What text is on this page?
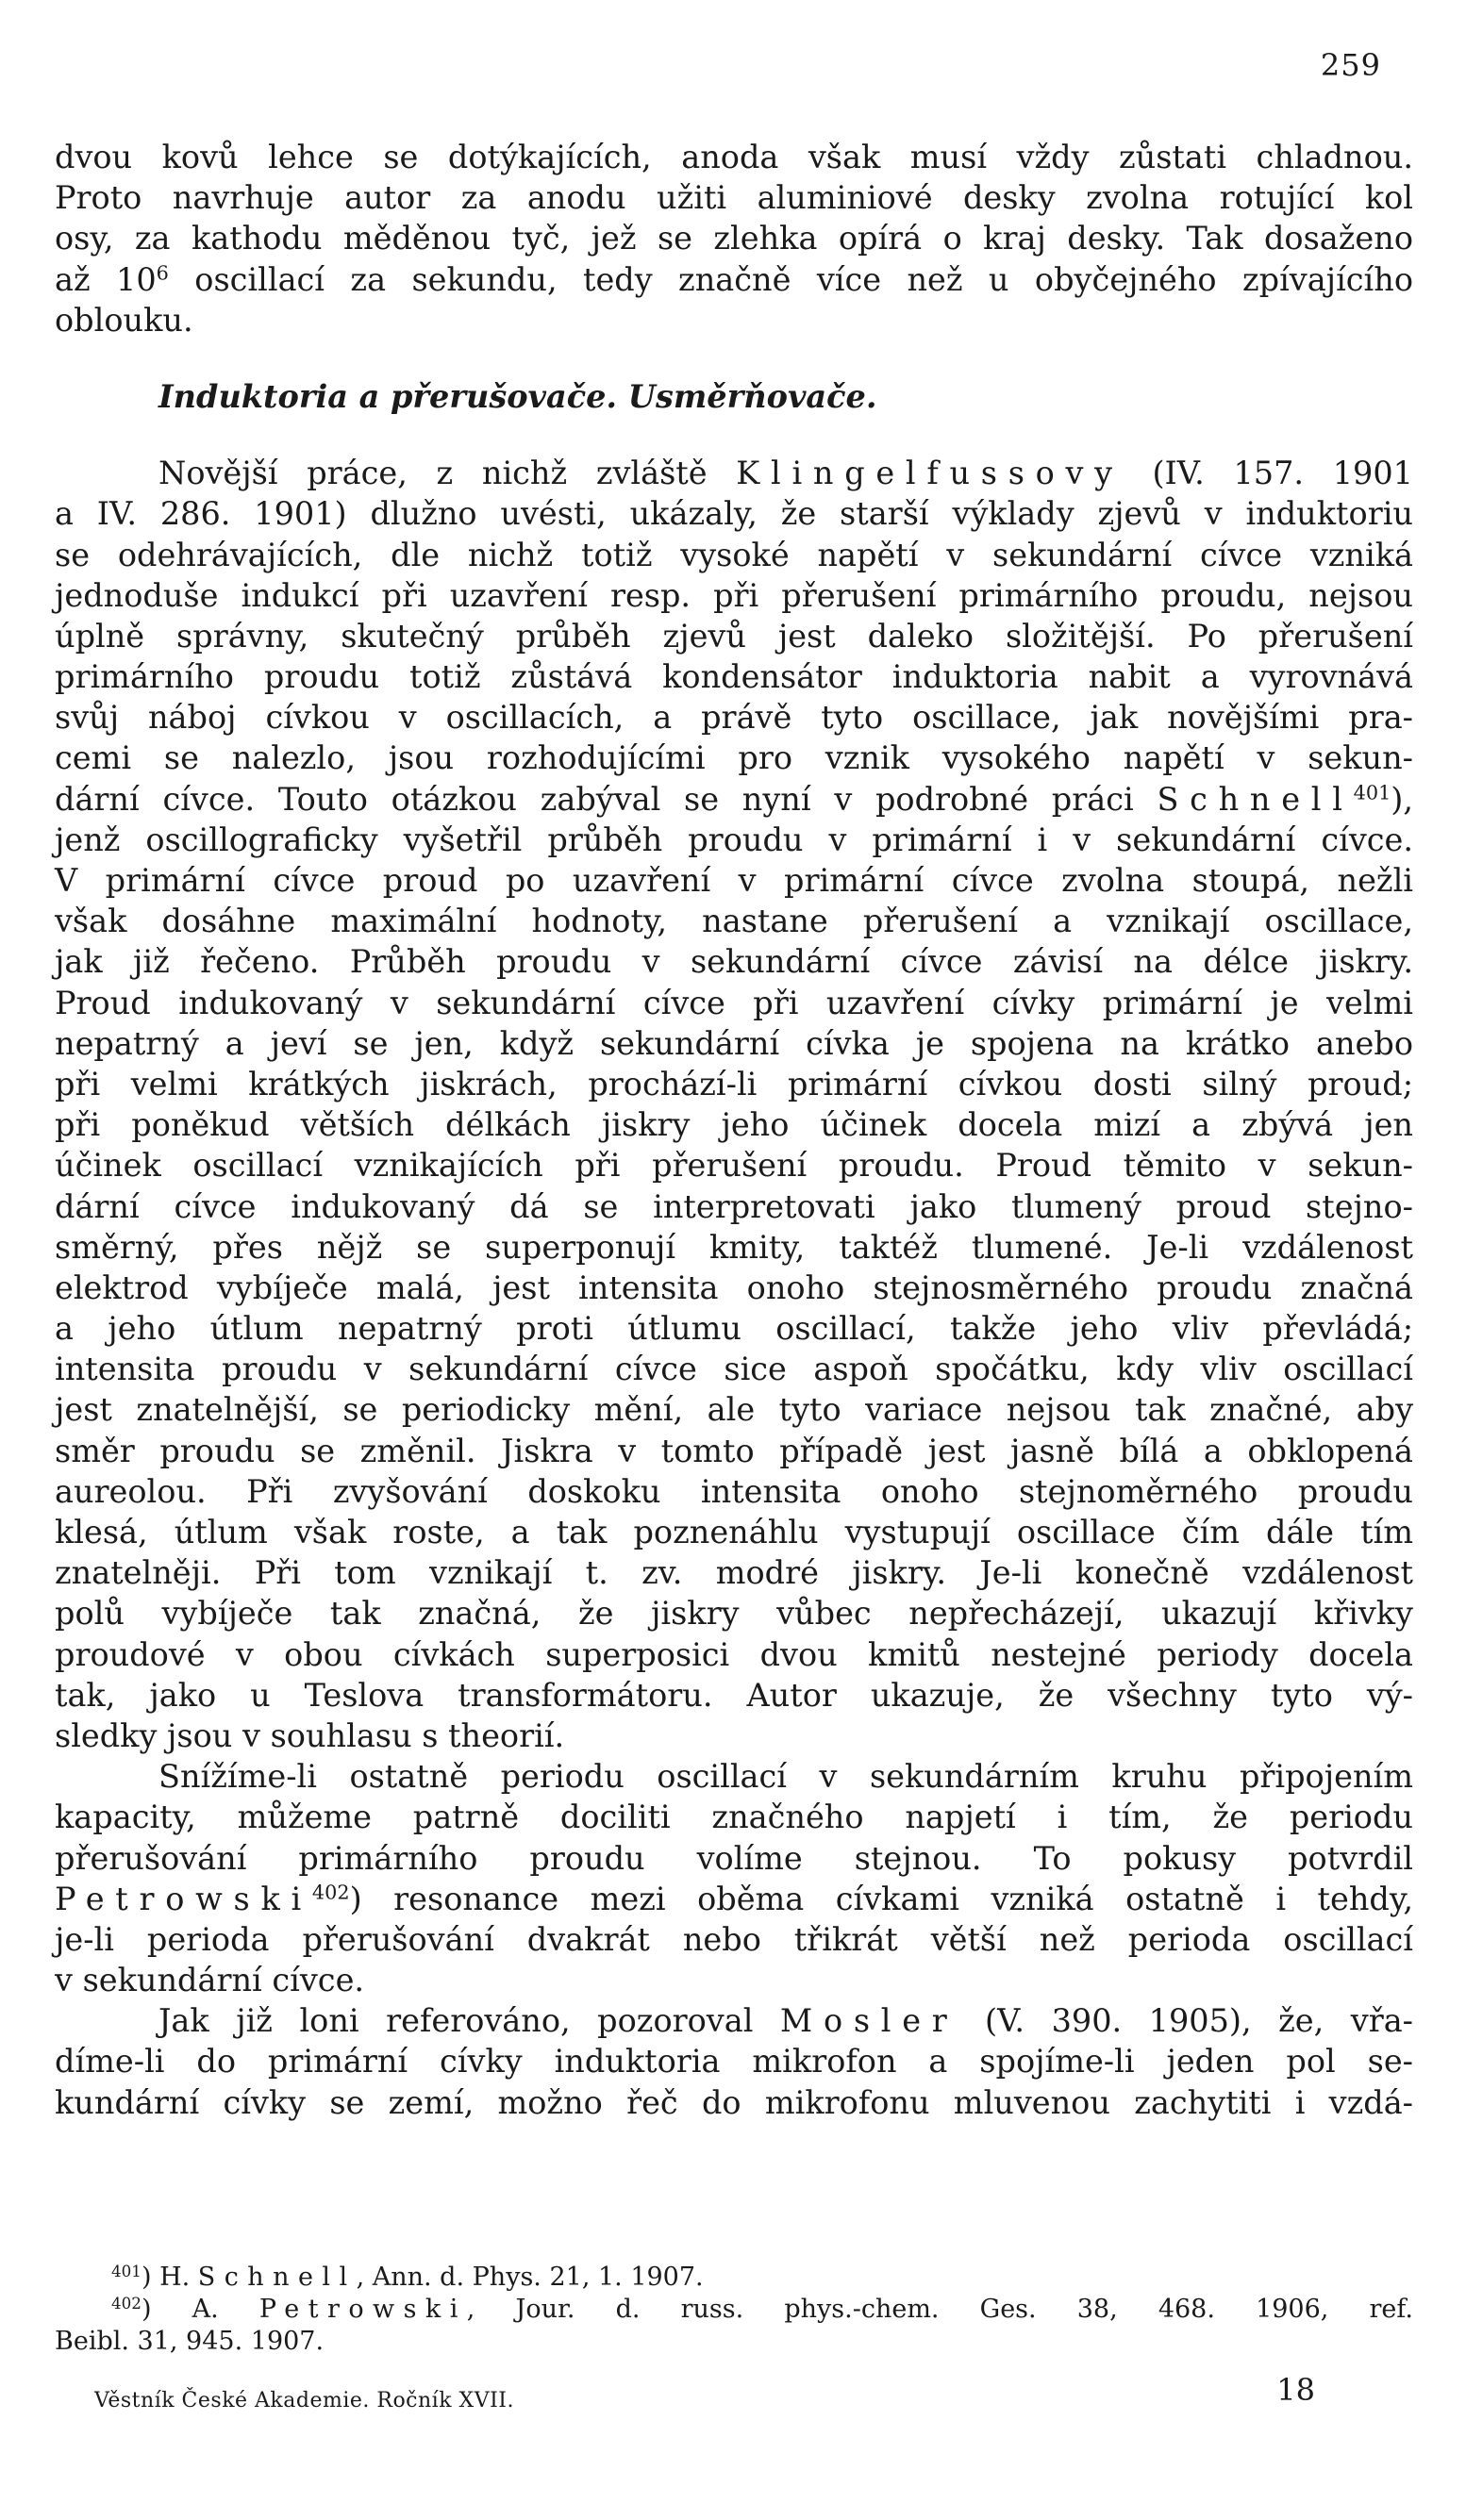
259
dvou kovů lehce se dotýkajících, anoda však musí vždy zůstati chladnou.
Proto navrhuje autor za anodu užiti aluminiové desky zvolna rotující kol
osy, za kathodu měděnou tyč, jež se zlehka opírá o kraj desky. Tak dosaženo
až $10^6$ oscillací za sekundu, tedy značně více než u obyčejného zpívajícího
oblouku.
Induktoria a přerušovače. Usměrňovače.
Novější práce, z nichž zvláště Klingelfussovy (IV. 157. 1901
a IV. 286. 1901) dlužno uvésti, ukázaly, že starší výklady zjevů v induktoriu
se odehrávajících, dle nichž totiž vysoké napětí v sekundární cívce vzniká
jednoduše indukcí při uzavření resp. při přerušení primárního proudu, nejsou
úplně správny, skutečný průběh zjevů jest daleko složitější. Po přerušení
primárního proudu totiž zůstává kondensátor induktoria nabit a vyrovnává
svůj náboj cívkou v oscillacích, a právě tyto oscillace, jak novějšími pra-
cemi se nalezlo, jsou rozhodujícími pro vznik vysokého napětí v sekun-
dární cívce. Touto otázkou zabýval se nyní v podrobné práci Schnell$^{401}$),
jenž oscillograficky vyšetřil průběh proudu v primární i v sekundární cívce.
V primární cívce proud po uzavření v primární cívce zvolna stoupá, nežli
však dosáhne maximální hodnoty, nastane přerušení a vznikají oscillace,
jak již řečeno. Průběh proudu v sekundární cívce závisí na délce jiskry.
Proud indukovaný v sekundární cívce při uzavření cívky primární je velmi
nepatrný a jeví se jen, když sekundární cívka je spojena na krátko anebo
při velmi krátkých jiskrách, prochází-li primární cívkou dosti silný proud;
při poněkud větších délkách jiskry jeho účinek docela mizí a zbývá jen
účinek oscillací vznikajících při přerušení proudu. Proud těmito v sekun-
dární cívce indukovaný dá se interpretovati jako tlumený proud stejno-
směrný, přes nějž se superponují kmity, taktéž tlumené. Je-li vzdálenost
elektrod vybíječe malá, jest intensita onoho stejnosměrného proudu značná
a jeho útlum nepatrný proti útlumu oscillací, takže jeho vliv převládá;
intensita proudu v sekundární cívce sice aspoň spočátku, kdy vliv oscillací
jest znatelnější, se periodicky mění, ale tyto variace nejsou tak značné, aby
směr proudu se změnil. Jiskra v tomto případě jest jasně bílá a obklopená
aureolou. Při zvyšování doskoku intensita onoho stejnoměrného proudu
klesá, útlum však roste, a tak poznenáhlu vystupují oscillace čím dále tím
znatelněji. Při tom vznikají t. zv. modré jiskry. Je-li konečně vzdálenost
polů vybíječe tak značná, že jiskry vůbec nepřecházejí, ukazují křivky
proudové v obou cívkách superposici dvou kmitů nestejné periody docela
tak, jako u Teslova transformátoru. Autor ukazuje, že všechny tyto vý-
sledky jsou v souhlasu s theorií.
Snížíme-li ostatně periodu oscillací v sekundárním kruhu připojením
kapacity, můžeme patrně dociliti značného napjetí i tím, že periodu
přerušování primárního proudu volíme stejnou. To pokusy potvrdil
Petrowski$^{402}$) resonance mezi oběma cívkami vzniká ostatně i tehdy,
je-li perioda přerušování dvakrát nebo třikrát větší než perioda oscillací
v sekundární cívce.
Jak již loni referováno, pozoroval Mosler (V. 390. 1905), že, vřa-
díme-li do primární cívky induktoria mikrofon a spojíme-li jeden pol se-
kundární cívky se zemí, možno řeč do mikrofonu mluvenou zachytiti i vzdá-
$^{401}$) H. Schnell, Ann. d. Phys. 21, 1. 1907.
$^{402}$) A. Petrowski, Jour. d. russ. phys.-chem. Ges. 38, 468. 1906, ref.
Beibl. 31, 945. 1907.
Věstník České Akademie. Ročník XVII.	18
